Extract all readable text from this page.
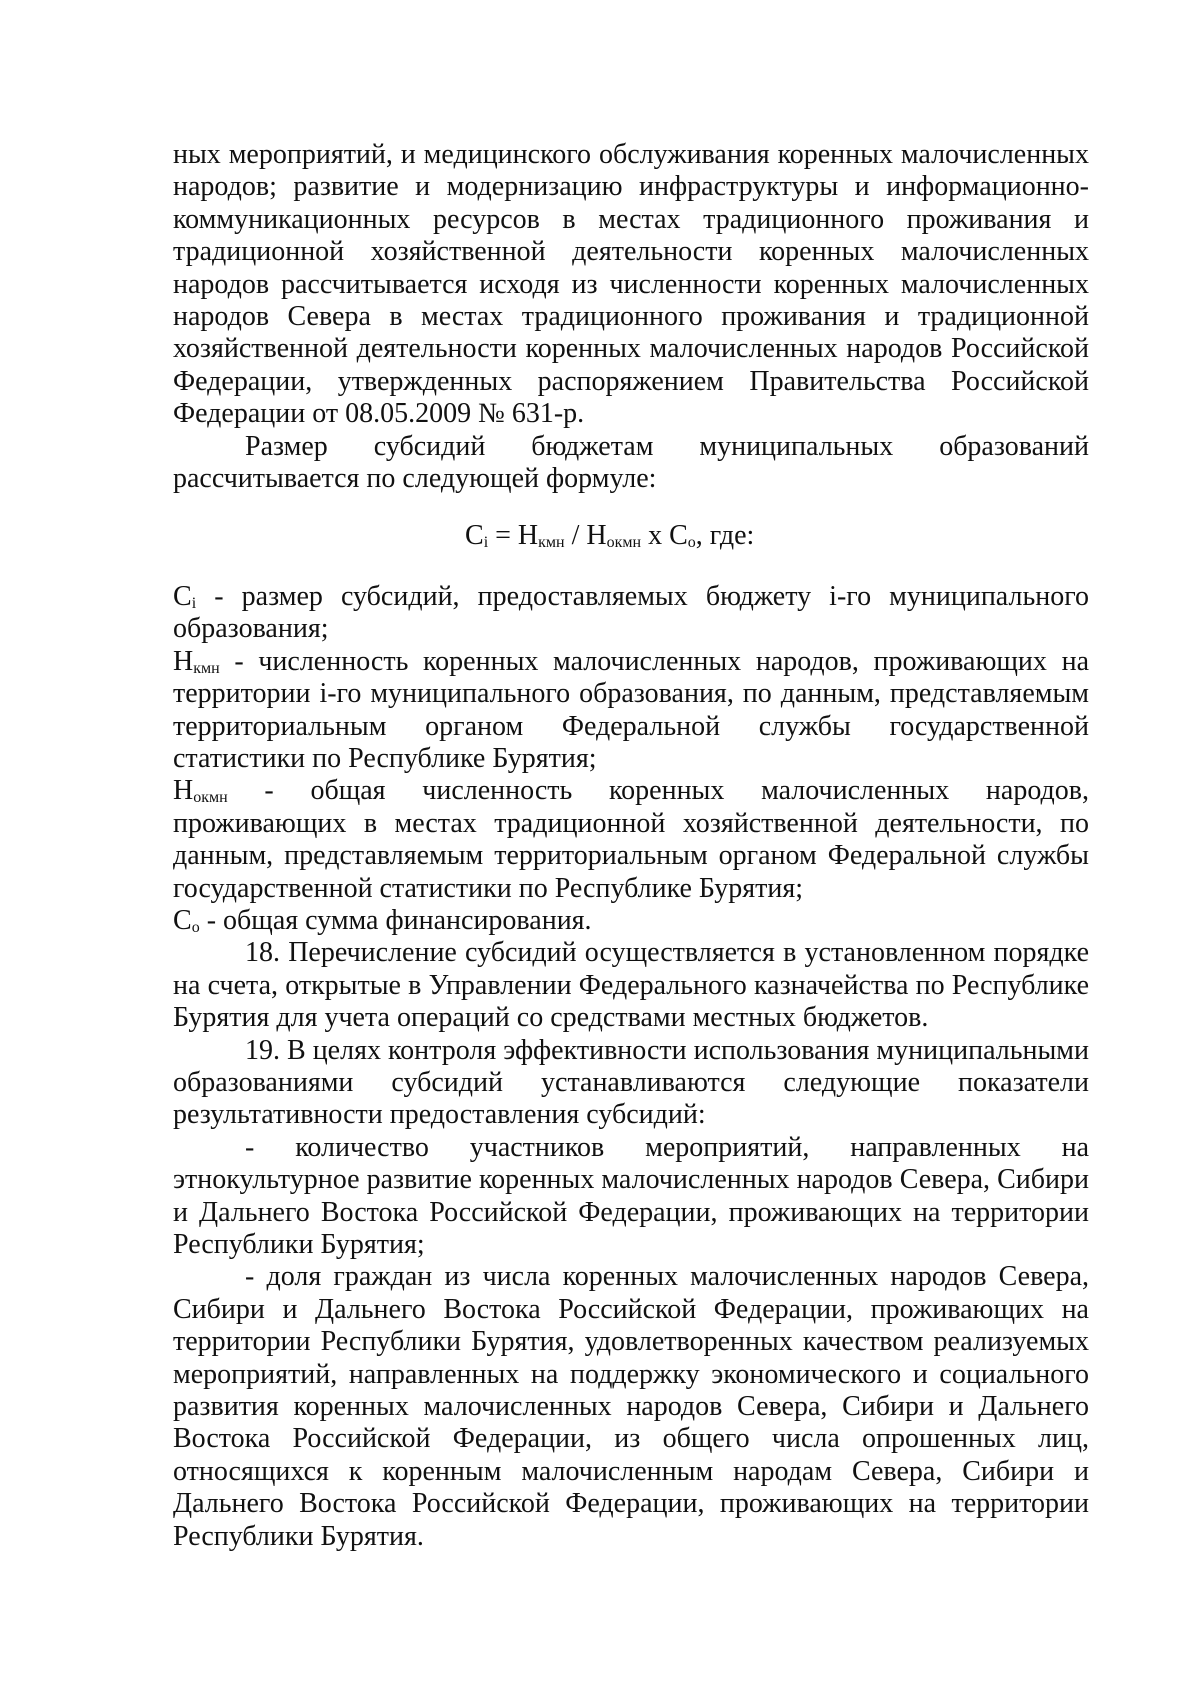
ных мероприятий, и медицинского обслуживания коренных малочисленных народов; развитие и модернизацию инфраструктуры и информационно-коммуникационных ресурсов в местах традиционного проживания и традиционной хозяйственной деятельности коренных малочисленных народов рассчитывается исходя из численности коренных малочисленных народов Севера в местах традиционного проживания и традиционной хозяйственной деятельности коренных малочисленных народов Российской Федерации, утвержденных распоряжением Правительства Российской Федерации от 08.05.2009 № 631-р.

Размер субсидий бюджетам муниципальных образований рассчитывается по следующей формуле:

$C_i = Н_{кмн} / Н_{окмн}$ х $С_о$, где:

$C_i$ - размер субсидий, предоставляемых бюджету i-го муниципального образования;

$Н_{кмн}$ - численность коренных малочисленных народов, проживающих на территории i-го муниципального образования, по данным, представляемым территориальным органом Федеральной службы государственной статистики по Республике Бурятия;

$Н_{окмн}$ - общая численность коренных малочисленных народов, проживающих в местах традиционной хозяйственной деятельности, по данным, представляемым территориальным органом Федеральной службы государственной статистики по Республике Бурятия;

$С_о$ - общая сумма финансирования.

18. Перечисление субсидий осуществляется в установленном порядке на счета, открытые в Управлении Федерального казначейства по Республике Бурятия для учета операций со средствами местных бюджетов.

19. В целях контроля эффективности использования муниципальными образованиями субсидий устанавливаются следующие показатели результативности предоставления субсидий:

- количество участников мероприятий, направленных на этнокультурное развитие коренных малочисленных народов Севера, Сибири и Дальнего Востока Российской Федерации, проживающих на территории Республики Бурятия;

- доля граждан из числа коренных малочисленных народов Севера, Сибири и Дальнего Востока Российской Федерации, проживающих на территории Республики Бурятия, удовлетворенных качеством реализуемых мероприятий, направленных на поддержку экономического и социального развития коренных малочисленных народов Севера, Сибири и Дальнего Востока Российской Федерации, из общего числа опрошенных лиц, относящихся к коренным малочисленным народам Севера, Сибири и Дальнего Востока Российской Федерации, проживающих на территории Республики Бурятия.
